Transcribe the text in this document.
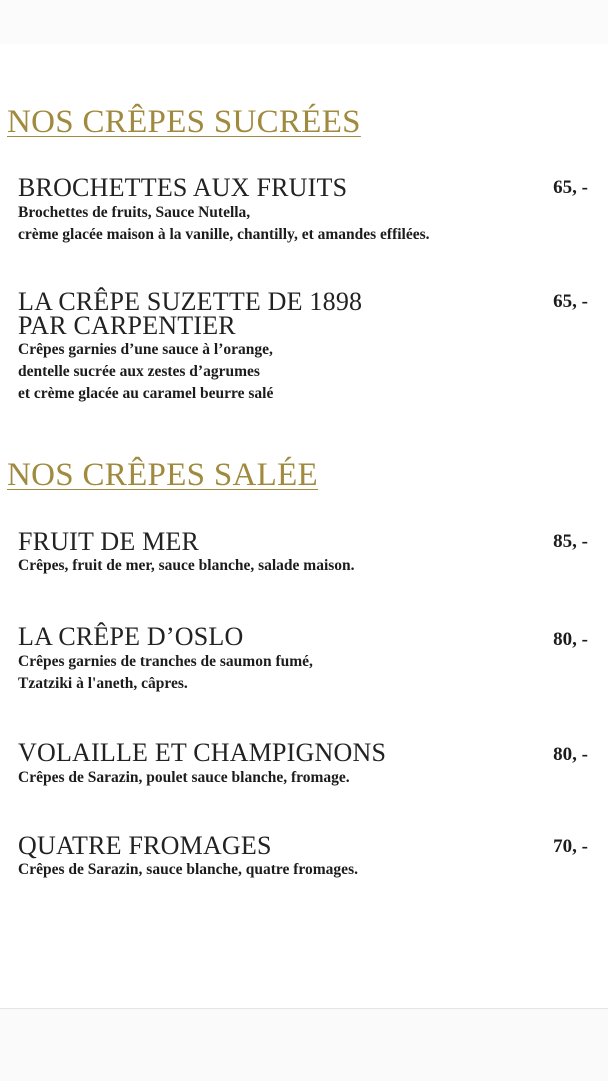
NOS CRÊPES SUCRÉES
BROCHETTES AUX FRUITS	65, -
Brochettes de fruits, Sauce Nutella,
crème glacée maison à la vanille, chantilly, et amandes effilées.
LA CRÊPE SUZETTE DE 1898
PAR CARPENTIER
65, -
Crêpes garnies d’une sauce à l’orange,
dentelle sucrée aux zestes d’agrumes
et crème glacée au caramel beurre salé
NOS CRÊPES SALÉE
FRUIT DE MER	85, -
Crêpes, fruit de mer, sauce blanche, salade maison.
LA CRÊPE D’OSLO	80, -
Crêpes garnies de tranches de saumon fumé,
Tzatziki à l'aneth, câpres.
VOLAILLE ET CHAMPIGNONS	80, -
Crêpes de Sarazin, poulet sauce blanche, fromage.
QUATRE FROMAGES	70, -
Crêpes de Sarazin, sauce blanche, quatre fromages.
